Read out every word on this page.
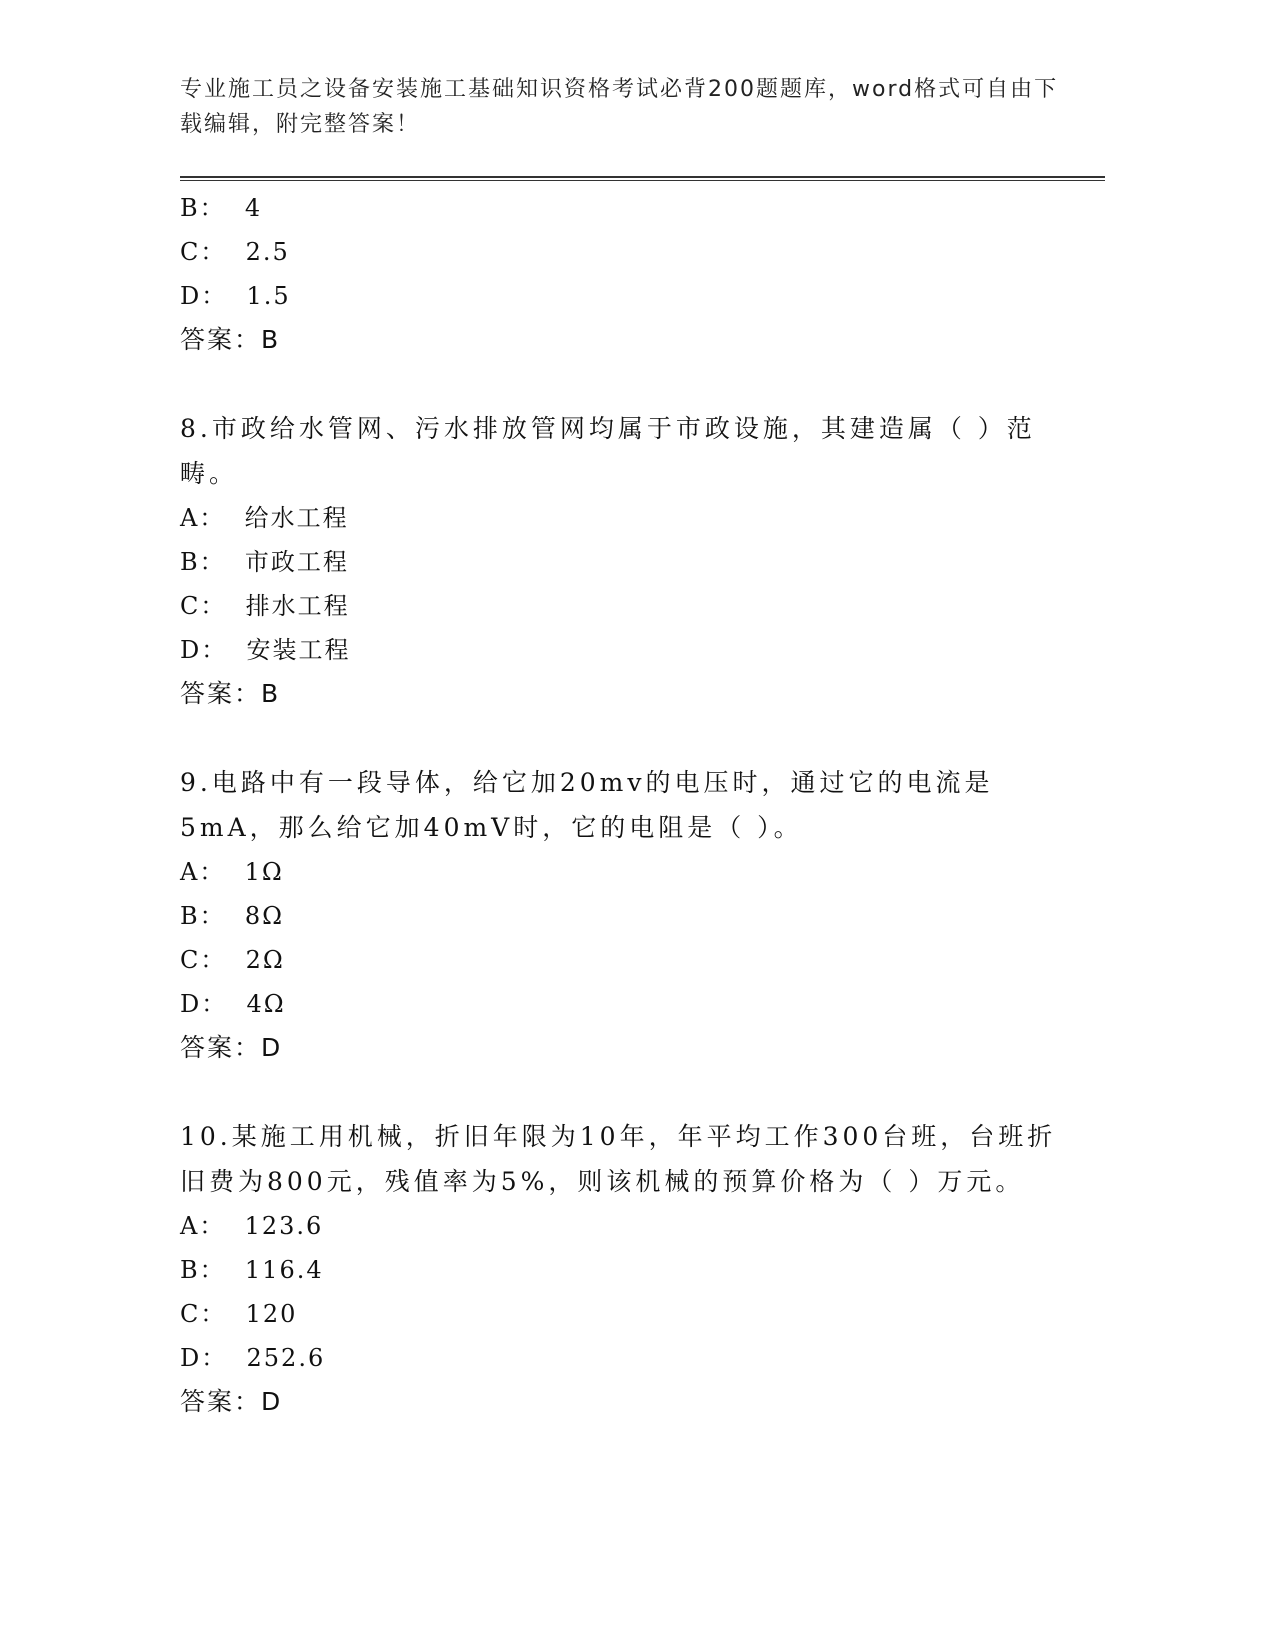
专业施工员之设备安装施工基础知识资格考试必背200题题库，word格式可自由下载编辑，附完整答案！
B：  4
C：  2.5
D：  1.5
答案：B
8.市政给水管网、污水排放管网均属于市政设施，其建造属（ ）范畴。
A：  给水工程
B：  市政工程
C：  排水工程
D：  安装工程
答案：B
9.电路中有一段导体，给它加20mv的电压时，通过它的电流是5mA，那么给它加40mV时，它的电阻是（ ）。
A：  1Ω
B：  8Ω
C：  2Ω
D：  4Ω
答案：D
10.某施工用机械，折旧年限为10年，年平均工作300台班，台班折旧费为800元，残值率为5%，则该机械的预算价格为（ ）万元。
A：  123.6
B：  116.4
C：  120
D：  252.6
答案：D
